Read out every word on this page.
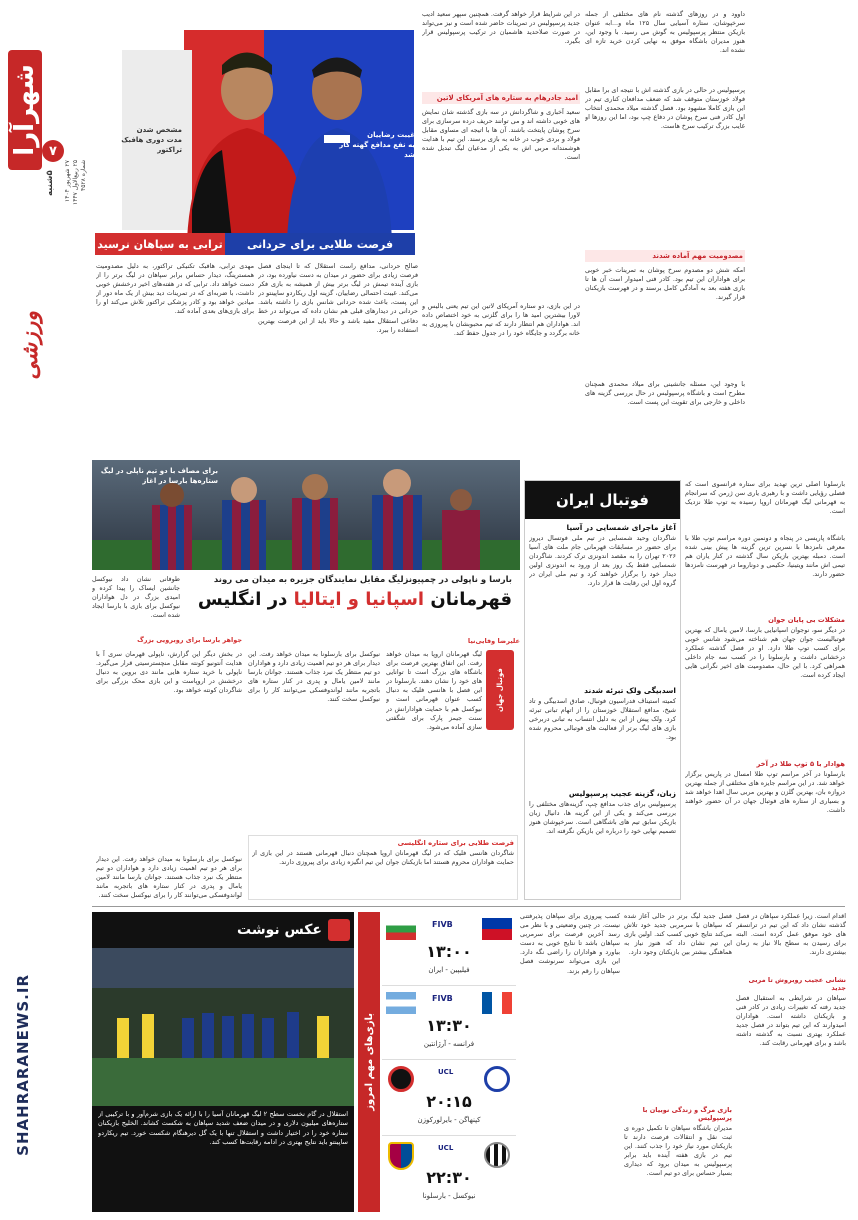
شهرآرا ۷
۵شنبه
۲۷ شهریور ۱۴۰۴
۲۵ ربیع‌الاول ۱۴۴۷
شماره ۴۵۲۸
ورزشی
SHAHRARANEWS.IR
مشخص شدن
مدت دوری هافبک تراکتور
غیبت رضاییان
به نفع مدافع گهنه کار شد
فرصت طلایی برای حردانی
ترابی به سپاهان نرسید
صالح حردانی، مدافع راست استقلال که تا اینجای فصل فرصت زیادی برای حضور در میدان به دست نیاورده بود، در بازی آینده تیمش در لیگ برتر بیش از همیشه به بازی فکر می‌کند. غیبت احتمالی رضاییان، گزینه اول ریکاردو ساپینتو در این پست، باعث شده حردانی شانس بازی را داشته باشد. حردانی در دیدارهای قبلی هم نشان داده که می‌تواند در خط دفاعی استقلال مفید باشد و حالا باید از این فرصت بهترین استفاده را ببرد.
مهدی ترابی، هافبک تکنیکی تراکتور، به دلیل مصدومیت همسترینگ، دیدار حساس برابر سپاهان در لیگ برتر را از دست خواهد داد. ترابی که در هفته‌های اخیر درخشش خوبی داشت، با ضربه‌ای که در تمرینات دید بیش از یک ماه دور از میادین خواهد بود و کادر پزشکی تراکتور تلاش می‌کند او را برای بازی‌های بعدی آماده کند.
در این شرایط قرار خواهد گرفت. همچنین سپهر سعید ادیب جدید پرسپولیس در تمرینات حاضر شده است و نیز می‌تواند در صورت صلاحدید هاشمیان در ترکیب پرسپولیس قرار بگیرد.
امید جادرهام به ستاره های آمریکای لاتین
سعید آخباری و شاگردانش در سه بازی گذشته شان نمایش های خوبی داشته اند و می توانند حریف درده سرسازی برای سرخ پوشان پایتخت باشند. آن ها با اتیجه ای مساوی مقابل فولاد و بردی خوب در خانه به بازی برسند. این تیم با هدایت هوشمندانه مربی اش به یکی از مدعیان لیگ تبدیل شده است.
در این بازی، دو ستاره آمریکای لاتین این تیم یعنی بالیس و لاورا بیشترین امید ها را برای گلزنی به خود اختصاص داده اند. هواداران هم انتظار دارند که تیم محبوبشان با پیروزی به خانه برگردد و جایگاه خود را در جدول حفظ کند.
داوود و در روزهای گذشته نام های مختلفی از جمله سرخپوشان، ستاره آسیایی سال ۱۲۵ ماه و...ابه عنوان بازیکن منتظر پرسپولیس به گوش می رسید. با وجود این، هنوز مدیران باشگاه موفق به نهایی کردن خرید تازه ای نشده اند.
پرسپولیس در حالی در بازی گذشته اش با نتیجه ای برا مقابل فولاد خوزستان متوقف شد که ضعف مدافعان کناری تیم در این بازی کاملا مشهود بود. فصل گذشته میلاد محمدی انتخاب اول کادر فنی سرخ پوشان در دفاع چپ بود، اما این روزها او غایب بزرگ ترکیب سرخ هاست.
مصدومیت مهم آماده شدند
امکه شش دو مصدوم سرخ پوشان به تمرینات خبر خوبی برای هواداران این تیم بود. کادر فنی امیدوار است آن ها تا بازی هفته بعد به آمادگی کامل برسند و در فهرست بازیکنان قرار گیرند.
با وجود این، مسئله جانشینی برای میلاد محمدی همچنان مطرح است و باشگاه پرسپولیس در حال بررسی گزینه های داخلی و خارجی برای تقویت این پست است.
برای مصاف با دو تیم ناپلی در لیگ
ستاره‌ها بارسا در اغاز
بارسا و ناپولی در چمپیونزلیگ مقابل نمایندگان جزیره به میدان می روند
قهرمانان اسپانیا و ایتالیا در انگلیس
طوفانی نشان داد نیوکسل جانشین ایساک را پیدا کرده و امیدی بزرگ در دل هواداران نیوکسل برای بازی با بارسا ایجاد شده است.
علیرضا وفایی‌نیا
فوتبال جهان
لیگ قهرمانان اروپا به میدان خواهد رفت. این اتفاق بهترین فرصت برای باشگاه های بزرگ است تا توانایی های خود را نشان دهند. بارسلونا در این فصل با هانسی فلیک به دنبال کسب عنوان قهرمانی است و نیوکسل هم با حمایت هوادارانش در سنت جیمز پارک برای شگفتی سازی آماده می‌شود.
نیوکسل برای بارسلونا به میدان خواهد رفت. این دیدار برای هر دو تیم اهمیت زیادی دارد و هواداران دو تیم منتظر یک نبرد جذاب هستند. جوانان بارسا مانند لامین یامال و پدری در کنار ستاره های باتجربه مانند لواندوفسکی می‌توانند کار را برای نیوکسل سخت کنند.
جواهر بارسا برای روبرویی بزرگ
در بخش دیگر این گزارش، ناپولی قهرمان سری آ با هدایت آنتونیو کونته مقابل منچسترسیتی قرار می‌گیرد. ناپولی با خرید ستاره هایی مانند دی بروین به دنبال درخشش در اروپاست و این بازی محک بزرگی برای شاگردان کونته خواهد بود.
فرصت طلایی برای ستاره انگلیسی
شاگردان هانسی فلیک که در لیگ قهرمانان اروپا همچنان دنبال قهرمانی هستند در این بازی از حمایت هواداران محروم هستند اما بازیکنان جوان این تیم انگیزه زیادی برای پیروزی دارند.
نیوکسل برای بارسلونا به میدان خواهد رفت. این دیدار برای هر دو تیم اهمیت زیادی دارد و هواداران دو تیم منتظر یک نبرد جذاب هستند. جوانان بارسا مانند لامین یامال و پدری در کنار ستاره های باتجربه مانند لواندوفسکی می‌توانند کار را برای نیوکسل سخت کنند.
فوتبال ایران
آغاز ماجرای شمسایی در آسیا
شاگردان وحید شمسایی در تیم ملی فوتسال دیروز برای حضور در مسابقات قهرمانی جام ملت های آسیا ۲۰۲۶ تهران را به مقصد اندونزی ترک کردند. شاگردان شمسایی فقط یک روز بعد از ورود به اندونزی اولین دیدار خود را برگزار خواهند کرد و تیم ملی ایران در گروه اول این رقابت ها قرار دارد.
اسدبیگی ولک تبرئه شدند
کمیته استیناف فدراسیون فوتبال، صادق اسدبیگی و تاد شیخ، مدافع استقلال خوزستان را از اتهام تبانی تبرئه کرد. ولک پیش از این به دلیل انتساب به تبانی دربرخی بازی های لیگ برتر از فعالیت های فوتبالی محروم شده بود.
زبان، گزینه عجیب پرسپولیس
پرسپولیس برای جذب مدافع چپ، گزینه‌های مختلفی را بررسی می‌کند و یکی از این گزینه ها، دانیال زبان بازیکن سابق تیم های باشگاهی است. سرخپوشان هنوز تصمیم نهایی خود را درباره این بازیکن نگرفته اند.
بارسلونا اصلی ترین تهدید برای ستاره فرانسوی است که فصلی رؤیایی داشت و با رهبری یاری سن ژرمن که سرانجام به قهرمانی لیگ قهرمانان اروپا رسیده به توپ طلا نزدیک است.
باشگاه پاریسی در پنجاه و دونمین دوره مراسم توپ طلا با معرفی نامزدها با نسرین ترین گزینه ها پیش بینی شده است. دمبله بهترین بازیکن سال گذشته در کنار یاران هم تیمی اش مانند ویتینیا، حکیمی و دوناروما در فهرست نامزدها حضور دارند.
مشکلات بی پایان جوان
در دیگر سو، نوجوان اسپانیایی بارسا، لامین یامال که بهترین فوتبالیست جوان جهان هم شناخته می‌شود شانس خوبی برای کسب توپ طلا دارد. او در فصل گذشته عملکرد درخشانی داشت و بارسلونا را در کسب سه جام داخلی همراهی کرد. با این حال، مصدومیت های اخیر نگرانی هایی ایجاد کرده است.
هوادار با ۵ توپ طلا در آخر
بارسلونا در آخر مراسم توپ طلا امسال در پاریس برگزار خواهد شد. در این مراسم جایزه های مختلفی از جمله بهترین دروازه بان، بهترین گلزن و بهترین مربی سال اهدا خواهد شد و بسیاری از ستاره های فوتبال جهان در آن حضور خواهند داشت.
عکس نوشت
استقلال در گام نخست سطح ۲ لیگ قهرمانان آسیا را با ارائه یک بازی شرم‌آور و با ترکیبی از ستاره‌های میلیون دلاری و در میدان ضعف شدید سپاهان به شکست کشاند. الخلیج بازیکنان ستاره خود را در اختیار داشت و استقلال تنها با یک گل دیرهنگام شکست خورد. تیم ریکاردو ساپینتو باید نتایج بهتری در ادامه رقابت‌ها کسب کند.
بازی‌های مهم امروز
FIVB
۱۳:۰۰
فیلیپین - ایران
FIVB
۱۳:۳۰
فرانسه - آرژانتین
UCL
۲۰:۱۵
کپنهاگن - بایرلورکوزن
UCL
۲۲:۳۰
نیوکسل - بارسلونا
کسب پیروزی برای سپاهان پذیرفتنی نیست. در چنین وضعیتی و با نظر می رسد آخرین فرصت برای سرمربی سپاهان باشد تا نتایج خوبی به دست بیاورد و هواداران را راضی نگه دارد. این بازی می‌تواند سرنوشت فصل سپاهان را رقم بزند.
فصل جدید لیگ برتر در حالی آغاز شده که سپاهان با سرمربی جدید خود تلاش می‌کند نتایج خوبی کسب کند. اولین بازی این تیم نشان داد که هنوز نیاز به هماهنگی بیشتر بین بازیکنان وجود دارد.
بازی مرگ و زندگی نوبیان با پرسپولیس
مدیران باشگاه سپاهان تا تکمیل دوره ی ثبت نقل و انتقالات فرصت دارند تا بازیکنان مورد نیاز خود را جذب کنند. این تیم در بازی هفته آینده باید برابر پرسپولیس به میدان برود که دیداری بسیار حساس برای دو تیم است.
اقدام است. زیرا عملکرد سپاهان در فصل گذشته نشان داد که این تیم در ترانسفر های خود موفق عمل کرده است. البته برای رسیدن به سطح بالا نیاز به زمان بیشتری دارند.
نشانی عجیب روبروش تا مربی جدید
سپاهان در شرایطی به استقبال فصل جدید رفته که تغییرات زیادی در کادر فنی و بازیکنان داشته است. هواداران امیدوارند که این تیم بتواند در فصل جدید عملکرد بهتری نسبت به گذشته داشته باشد و برای قهرمانی رقابت کند.
